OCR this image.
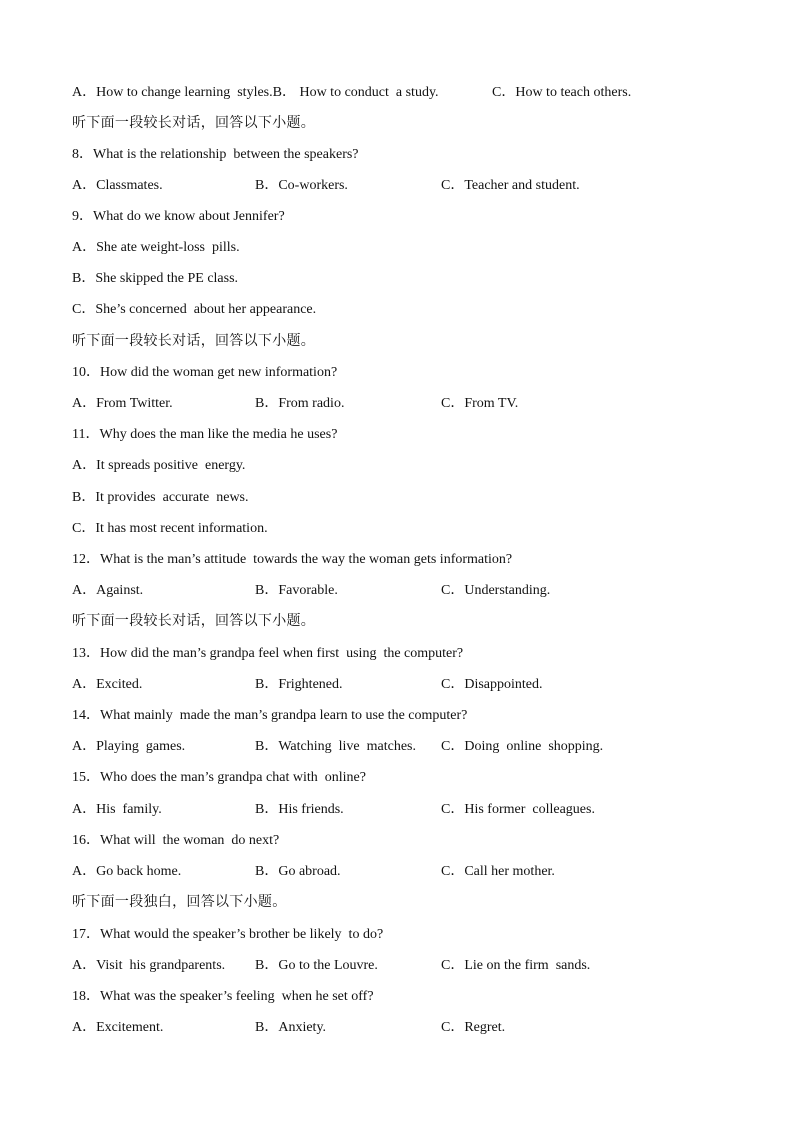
A．How to change learning  styles.B． How to conduct  a study.

	C．How to teach others.

听下面一段较长对话，回答以下小题。
8．What is the relationship  between the speakers?

A．Classmates.

	B．Co-workers.

	C．Teacher and student.

9．What do we know about Jennifer?
A．She ate weight-loss  pills.
B．She skipped the PE class.
C．She’s concerned  about her appearance.
听下面一段较长对话，回答以下小题。
10．How did the woman get new information?

A．From Twitter.

	B．From radio.

	C．From TV.

11．Why does the man like the media he uses?
A．It spreads positive  energy.
B．It provides  accurate  news.
C．It has most recent information.
12．What is the man’s attitude  towards the way the woman gets information?

A．Against.

	B．Favorable.

	C．Understanding.

听下面一段较长对话，回答以下小题。
13．How did the man’s grandpa feel when first  using  the computer?

A．Excited.

	B．Frightened.

	C．Disappointed.

14．What mainly  made the man’s grandpa learn to use the computer?

A．Playing  games.

	B．Watching  live  matches.

C．Doing  online  shopping.

15．Who does the man’s grandpa chat with  online?

A．His  family.

	B．His friends.

	C．His former  colleagues.

16．What will  the woman  do next?

A．Go back home.

	B．Go abroad.

	C．Call her mother.

听下面一段独白，回答以下小题。
17．What would the speaker’s brother be likely  to do?

A．Visit  his grandparents.

B．Go to the Louvre.

	C．Lie on the firm  sands.

18．What was the speaker’s feeling  when he set off?

A．Excitement.

	B．Anxiety.

	C．Regret.
